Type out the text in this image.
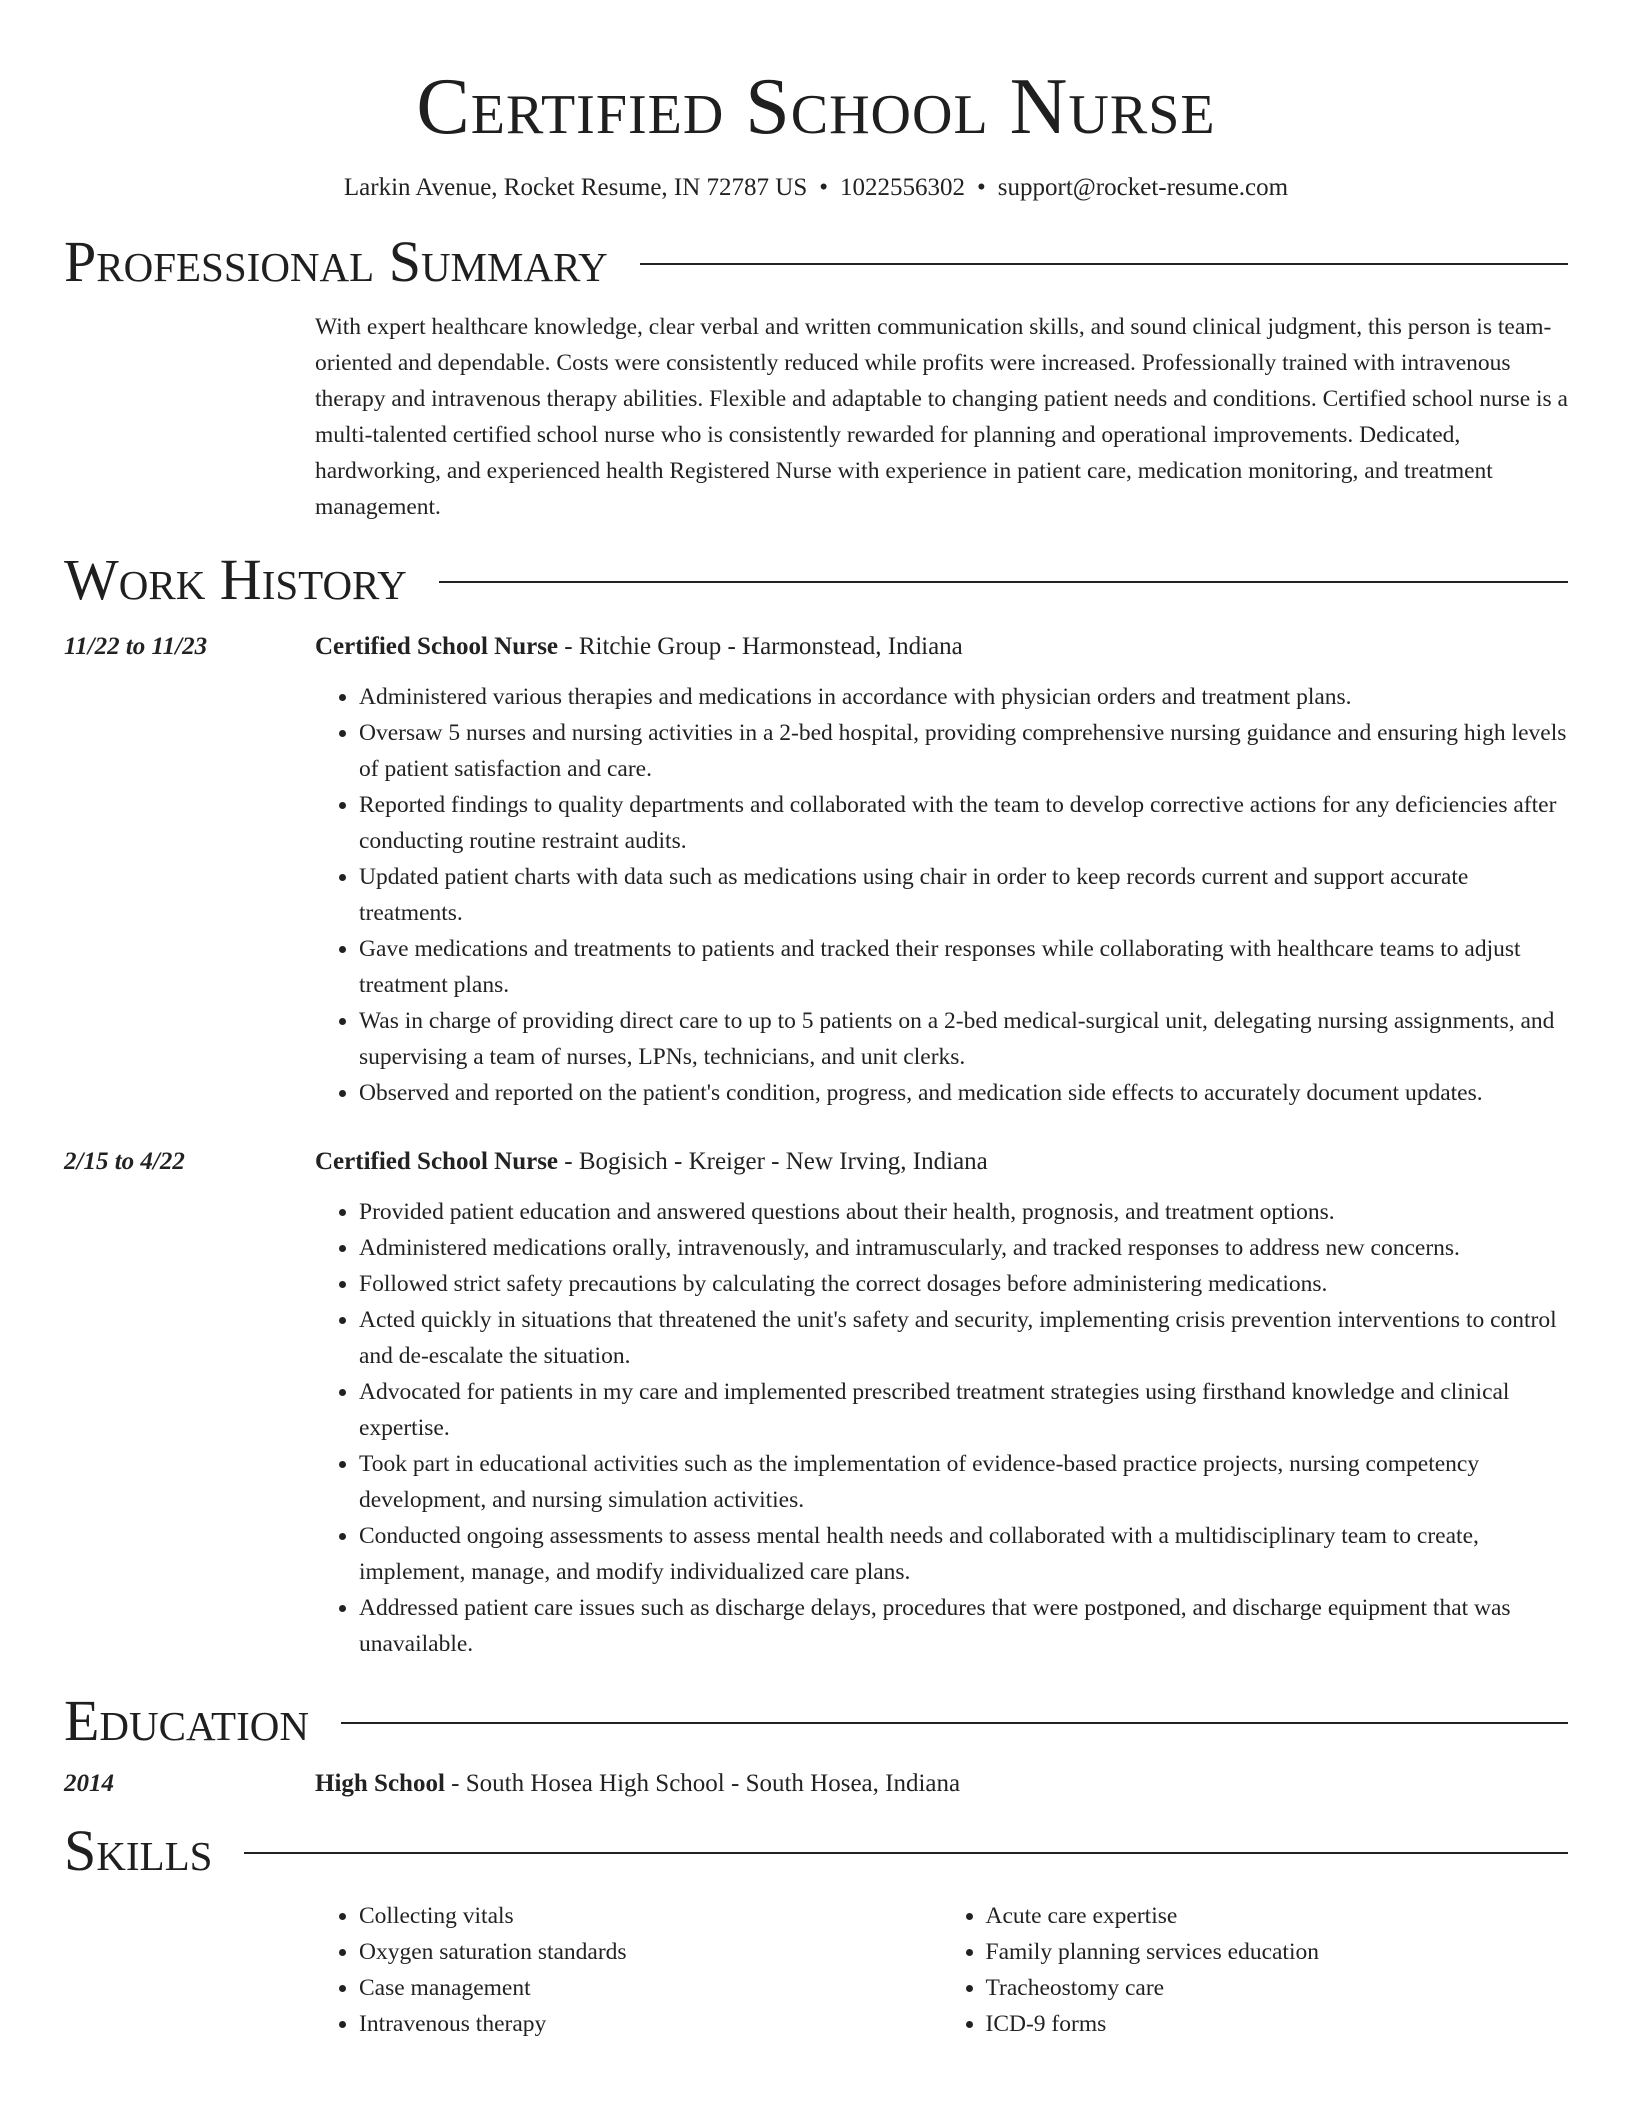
Certified School Nurse
Larkin Avenue, Rocket Resume, IN 72787 US • 1022556302 • support@rocket-resume.com
Professional Summary
With expert healthcare knowledge, clear verbal and written communication skills, and sound clinical judgment, this person is team-oriented and dependable. Costs were consistently reduced while profits were increased. Professionally trained with intravenous therapy and intravenous therapy abilities. Flexible and adaptable to changing patient needs and conditions. Certified school nurse is a multi-talented certified school nurse who is consistently rewarded for planning and operational improvements. Dedicated, hardworking, and experienced health Registered Nurse with experience in patient care, medication monitoring, and treatment management.
Work History
11/22 to 11/23	Certified School Nurse - Ritchie Group - Harmonstead, Indiana
• Administered various therapies and medications in accordance with physician orders and treatment plans.
• Oversaw 5 nurses and nursing activities in a 2-bed hospital, providing comprehensive nursing guidance and ensuring high levels of patient satisfaction and care.
• Reported findings to quality departments and collaborated with the team to develop corrective actions for any deficiencies after conducting routine restraint audits.
• Updated patient charts with data such as medications using chair in order to keep records current and support accurate treatments.
• Gave medications and treatments to patients and tracked their responses while collaborating with healthcare teams to adjust treatment plans.
• Was in charge of providing direct care to up to 5 patients on a 2-bed medical-surgical unit, delegating nursing assignments, and supervising a team of nurses, LPNs, technicians, and unit clerks.
• Observed and reported on the patient's condition, progress, and medication side effects to accurately document updates.
2/15 to 4/22	Certified School Nurse - Bogisich - Kreiger - New Irving, Indiana
• Provided patient education and answered questions about their health, prognosis, and treatment options.
• Administered medications orally, intravenously, and intramuscularly, and tracked responses to address new concerns.
• Followed strict safety precautions by calculating the correct dosages before administering medications.
• Acted quickly in situations that threatened the unit's safety and security, implementing crisis prevention interventions to control and de-escalate the situation.
• Advocated for patients in my care and implemented prescribed treatment strategies using firsthand knowledge and clinical expertise.
• Took part in educational activities such as the implementation of evidence-based practice projects, nursing competency development, and nursing simulation activities.
• Conducted ongoing assessments to assess mental health needs and collaborated with a multidisciplinary team to create, implement, manage, and modify individualized care plans.
• Addressed patient care issues such as discharge delays, procedures that were postponed, and discharge equipment that was unavailable.
Education
2014	High School - South Hosea High School - South Hosea, Indiana
Skills
• Collecting vitals
• Oxygen saturation standards
• Case management
• Intravenous therapy
• Acute care expertise
• Family planning services education
• Tracheostomy care
• ICD-9 forms
